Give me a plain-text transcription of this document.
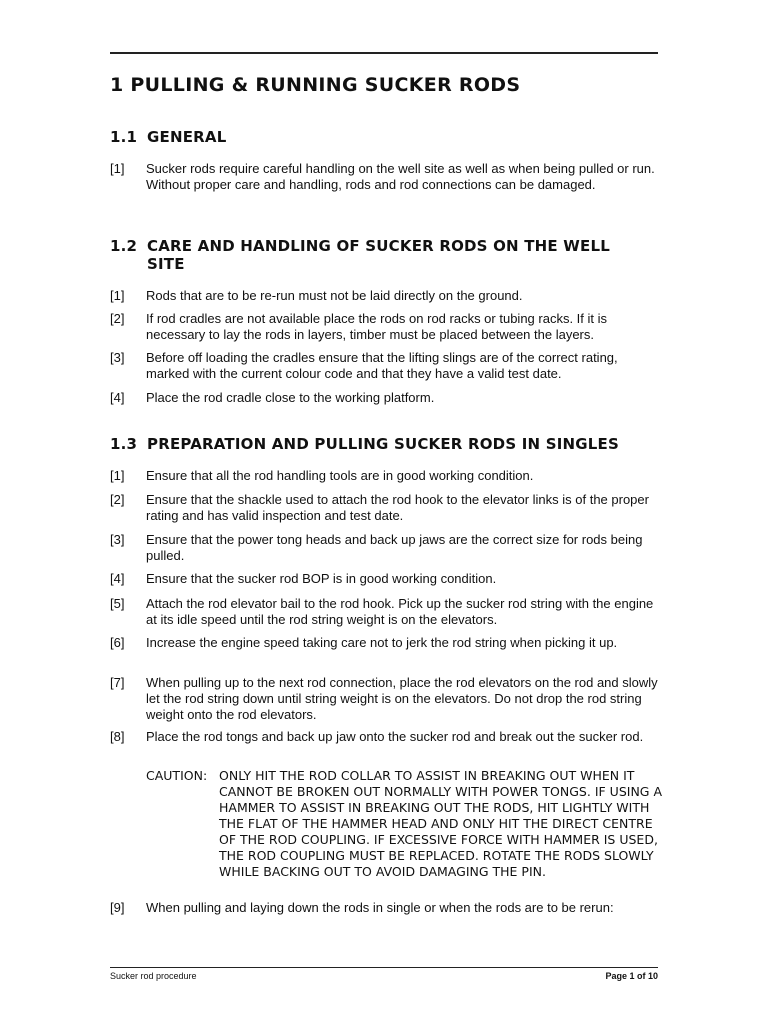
1 PULLING & RUNNING SUCKER RODS
1.1 GENERAL
[1] Sucker rods require careful handling on the well site as well as when being pulled or run. Without proper care and handling, rods and rod connections can be damaged.
1.2 CARE AND HANDLING OF SUCKER RODS ON THE WELL SITE
[1] Rods that are to be re-run must not be laid directly on the ground.
[2] If rod cradles are not available place the rods on rod racks or tubing racks. If it is necessary to lay the rods in layers, timber must be placed between the layers.
[3] Before off loading the cradles ensure that the lifting slings are of the correct rating, marked with the current colour code and that they have a valid test date.
[4] Place the rod cradle close to the working platform.
1.3 PREPARATION AND PULLING SUCKER RODS IN SINGLES
[1] Ensure that all the rod handling tools are in good working condition.
[2] Ensure that the shackle used to attach the rod hook to the elevator links is of the proper rating and has valid inspection and test date.
[3] Ensure that the power tong heads and back up jaws are the correct size for rods being pulled.
[4] Ensure that the sucker rod BOP is in good working condition.
[5] Attach the rod elevator bail to the rod hook. Pick up the sucker rod string with the engine at its idle speed until the rod string weight is on the elevators.
[6] Increase the engine speed taking care not to jerk the rod string when picking it up.
[7] When pulling up to the next rod connection, place the rod elevators on the rod and slowly let the rod string down until string weight is on the elevators. Do not drop the rod string weight onto the rod elevators.
[8] Place the rod tongs and back up jaw onto the sucker rod and break out the sucker rod.
CAUTION: ONLY HIT THE ROD COLLAR TO ASSIST IN BREAKING OUT WHEN IT CANNOT BE BROKEN OUT NORMALLY WITH POWER TONGS. IF USING A HAMMER TO ASSIST IN BREAKING OUT THE RODS, HIT LIGHTLY WITH THE FLAT OF THE HAMMER HEAD AND ONLY HIT THE DIRECT CENTRE OF THE ROD COUPLING. IF EXCESSIVE FORCE WITH HAMMER IS USED, THE ROD COUPLING MUST BE REPLACED. ROTATE THE RODS SLOWLY WHILE BACKING OUT TO AVOID DAMAGING THE PIN.
[9] When pulling and laying down the rods in single or when the rods are to be rerun:
Sucker rod procedure	Page 1 of 10
